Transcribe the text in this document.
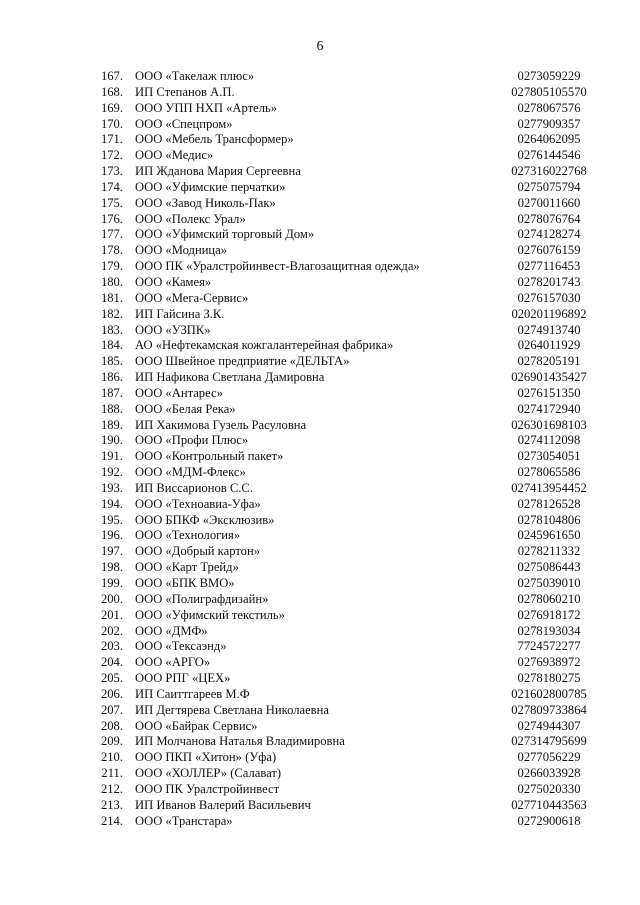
6
167. ООО «Такелаж плюс»	0273059229
168. ИП Степанов А.П.	027805105570
169. ООО УПП НХП «Артель»	0278067576
170. ООО «Спецпром»	0277909357
171. ООО «Мебель Трансформер»	0264062095
172. ООО «Медис»	0276144546
173. ИП Жданова Мария Сергеевна	027316022768
174. ООО «Уфимские перчатки»	0275075794
175. ООО «Завод Николь-Пак»	0270011660
176. ООО «Полекс Урал»	0278076764
177. ООО «Уфимский торговый Дом»	0274128274
178. ООО «Модница»	0276076159
179. ООО ПК «Уралстройинвест-Влагозащитная одежда»	0277116453
180. ООО «Камея»	0278201743
181. ООО «Мега-Сервис»	0276157030
182. ИП Гайсина З.К.	020201196892
183. ООО «УЗПК»	0274913740
184. АО «Нефтекамская кожгалантерейная фабрика»	0264011929
185. ООО Швейное предприятие «ДЕЛЬТА»	0278205191
186. ИП Нафикова Светлана Дамировна	026901435427
187. ООО «Антарес»	0276151350
188. ООО «Белая Река»	0274172940
189. ИП Хакимова Гузель Расуловна	026301698103
190. ООО «Профи Плюс»	0274112098
191. ООО «Контрольный пакет»	0273054051
192. ООО «МДМ-Флекс»	0278065586
193. ИП Виссарионов С.С.	027413954452
194. ООО «Техноавиа-Уфа»	0278126528
195. ООО БПКФ «Эксклюзив»	0278104806
196. ООО «Технология»	0245961650
197. ООО «Добрый картон»	0278211332
198. ООО «Карт Трейд»	0275086443
199. ООО «БПК ВМО»	0275039010
200. ООО «Полиграфдизайн»	0278060210
201. ООО «Уфимский текстиль»	0276918172
202. ООО «ДМФ»	0278193034
203. ООО «Тексаэнд»	7724572277
204. ООО «АРГО»	0276938972
205. ООО РПГ «ЦЕХ»	0278180275
206. ИП Саиттгареев М.Ф	021602800785
207. ИП Дегтярева Светлана Николаевна	027809733864
208. ООО «Байрак Сервис»	0274944307
209. ИП Молчанова Наталья Владимировна	027314795699
210. ООО ПКП «Хитон» (Уфа)	0277056229
211. ООО «ХОЛЛЕР» (Салават)	0266033928
212. ООО ПК Уралстройинвест	0275020330
213. ИП Иванов Валерий Васильевич	027710443563
214. ООО «Транстара»	0272900618
